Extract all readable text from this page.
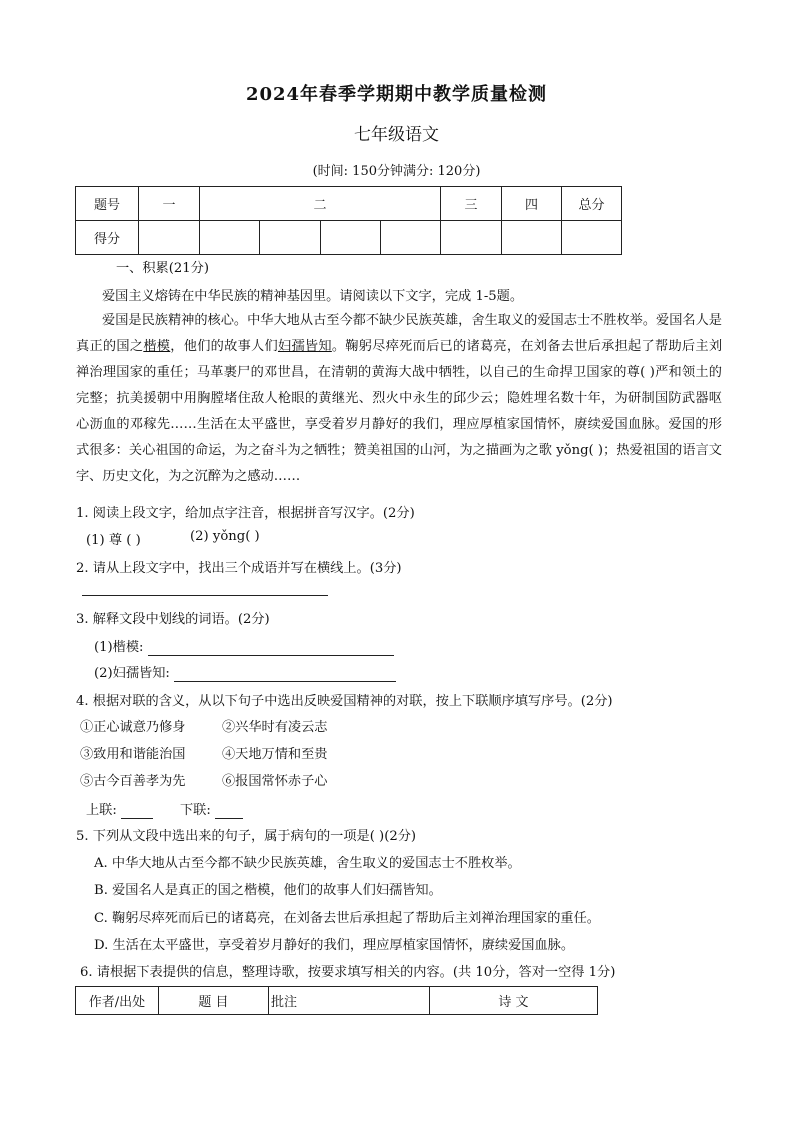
2024年春季学期期中教学质量检测
七年级语文
(时间: 150分钟满分: 120分)
题号	一	二				三	四	总分
得分								
一、积累(21分)
爱国主义熔铸在中华民族的精神基因里。请阅读以下文字，完成 1-5题。
爱国是民族精神的核心。中华大地从古至今都不缺少民族英雄，舍生取义的爱国志士不胜枚举。爱国名人是真正的国之楷模，他们的故事人们妇孺皆知。鞠躬尽瘁死而后已的诸葛亮，在刘备去世后承担起了帮助后主刘禅治理国家的重任；马革裹尸的邓世昌，在清朝的黄海大战中牺牲，以自己的生命捍卫国家的尊( )严和领土的完整；抗美援朝中用胸膛堵住敌人枪眼的黄继光、烈火中永生的邱少云；隐姓埋名数十年，为研制国防武器呕心沥血的邓稼先……生活在太平盛世，享受着岁月静好的我们，理应厚植家国情怀，赓续爱国血脉。爱国的形式很多：关心祖国的命运，为之奋斗为之牺牲；赞美祖国的山河，为之描画为之歌 yǒng( )；热爱祖国的语言文字、历史文化，为之沉醉为之感动……
1. 阅读上段文字，给加点字注音，根据拼音写汉字。(2分)
(1) 尊 ( )	(2) yǒng( )
2. 请从上段文字中，找出三个成语并写在横线上。(3分)
3. 解释文段中划线的词语。(2分)
(1)楷模:
(2)妇孺皆知:
4. 根据对联的含义，从以下句子中选出反映爱国精神的对联，按上下联顺序填写序号。(2分)
①正心诚意乃修身	②兴华时有凌云志
③致用和谐能治国	④天地万情和至贵
⑤古今百善孝为先	⑥报国常怀赤子心
上联:	下联:
5. 下列从文段中选出来的句子，属于病句的一项是( )(2分)
A. 中华大地从古至今都不缺少民族英雄，舍生取义的爱国志士不胜枚举。
B. 爱国名人是真正的国之楷模，他们的故事人们妇孺皆知。
C. 鞠躬尽瘁死而后已的诸葛亮，在刘备去世后承担起了帮助后主刘禅治理国家的重任。
D. 生活在太平盛世，享受着岁月静好的我们，理应厚植家国情怀，赓续爱国血脉。
6. 请根据下表提供的信息，整理诗歌，按要求填写相关的内容。(共 10分，答对一空得 1分)
作者/出处	题 目	批注	诗 文
